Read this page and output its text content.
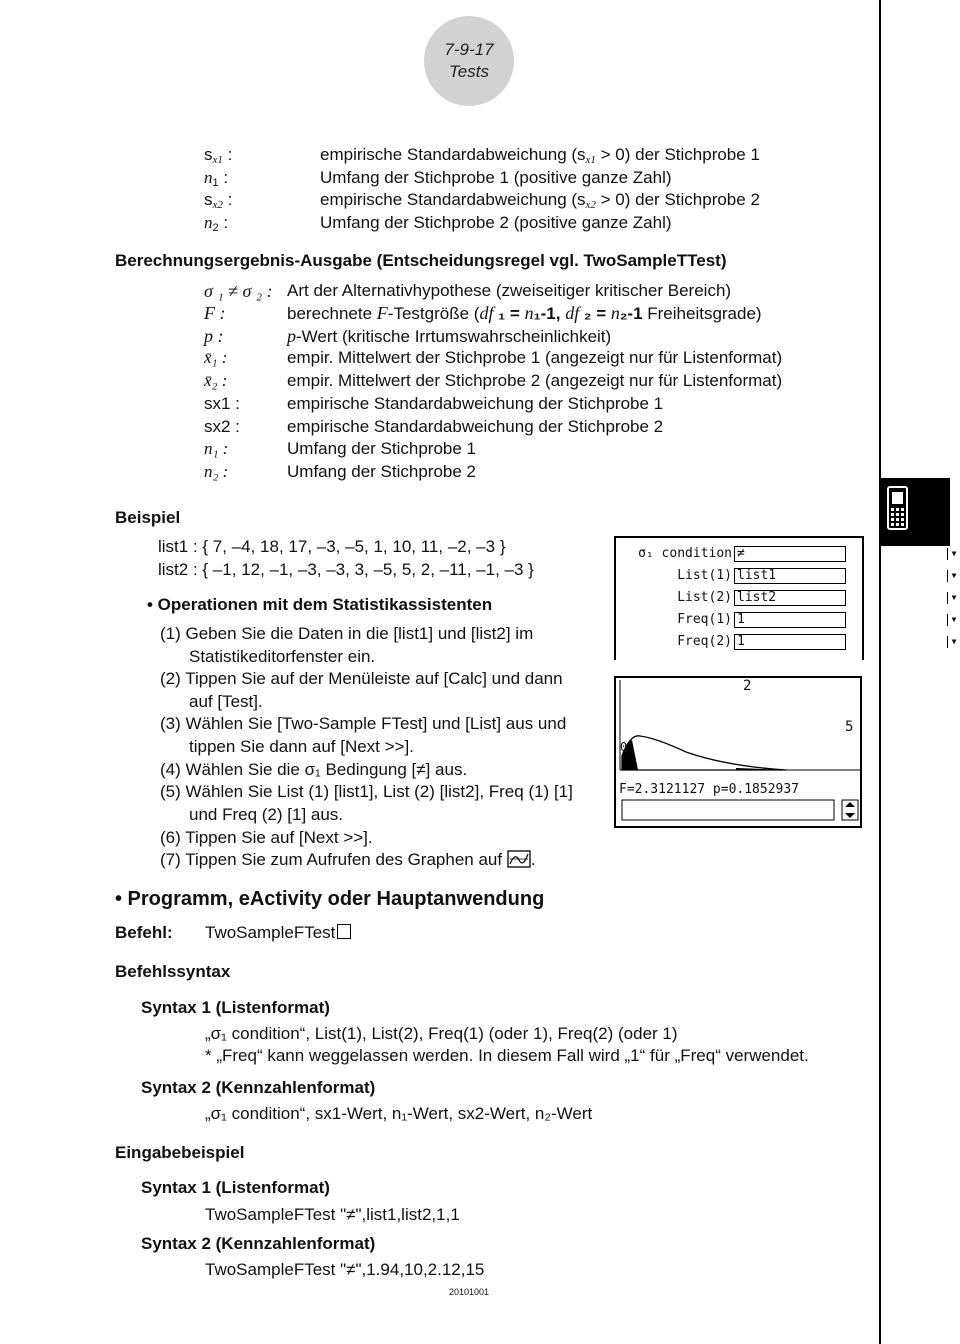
7-9-17
Tests
$s_{x1}$ :	empirische Standardabweichung $(s_{x1} > 0)$ der Stichprobe 1
$n_1$ :	Umfang der Stichprobe 1 (positive ganze Zahl)
$s_{x2}$ :	empirische Standardabweichung $(s_{x2} > 0)$ der Stichprobe 2
$n_2$ :	Umfang der Stichprobe 2 (positive ganze Zahl)
Berechnungsergebnis-Ausgabe (Entscheidungsregel vgl. TwoSampleTTest)
σ ₁ ≠ σ ₂ : Art der Alternativhypothese (zweiseitiger kritischer Bereich)
F :	berechnete F-Testgröße (df ₁ = n₁-1, df ₂ = n₂-1 Freiheitsgrade)
p :	p-Wert (kritische Irrtumswahrscheinlichkeit)
x̄₁ :	empir. Mittelwert der Stichprobe 1 (angezeigt nur für Listenformat)
x̄₂ :	empir. Mittelwert der Stichprobe 2 (angezeigt nur für Listenformat)
sx1 :	empirische Standardabweichung der Stichprobe 1
sx2 :	empirische Standardabweichung der Stichprobe 2
n₁ :	Umfang der Stichprobe 1
n₂ :	Umfang der Stichprobe 2
Beispiel
list1 : { 7, –4, 18, 17, –3, –5, 1, 10, 11, –2, –3 }
list2 : { –1, 12, –1, –3, –3, 3, –5, 5, 2, –11, –1, –3 }
• Operationen mit dem Statistikassistenten
(1) Geben Sie die Daten in die [list1] und [list2] im
Statistikeditorfenster ein.
(2) Tippen Sie auf der Menüleiste auf [Calc] und dann
auf [Test].
(3) Wählen Sie [Two-Sample FTest] und [List] aus und
tippen Sie dann auf [Next >>].
(4) Wählen Sie die σ₁ Bedingung [≠] aus.
(5) Wählen Sie List (1) [list1], List (2) [list2], Freq (1) [1]
und Freq (2) [1] aus.
(6) Tippen Sie auf [Next >>].
(7) Tippen Sie zum Aufrufen des Graphen auf .
σ₁ condition ≠	▼
List(1) list1	▼
List(2) list2	▼
Freq(1) 1	▼
Freq(2) 1	▼
2
5
0
F=2.3121127 p=0.1852937
• Programm, eActivity oder Hauptanwendung
Befehl: TwoSampleFTest
Befehlssyntax
Syntax 1 (Listenformat)
„σ₁ condition“, List(1), List(2), Freq(1) (oder 1), Freq(2) (oder 1)
* „Freq“ kann weggelassen werden. In diesem Fall wird „1“ für „Freq“ verwendet.
Syntax 2 (Kennzahlenformat)
„σ₁ condition“, sx1-Wert, n₁-Wert, sx2-Wert, n₂-Wert
Eingabebeispiel
Syntax 1 (Listenformat)
TwoSampleFTest "≠",list1,list2,1,1
Syntax 2 (Kennzahlenformat)
TwoSampleFTest "≠",1.94,10,2.12,15
20101001
